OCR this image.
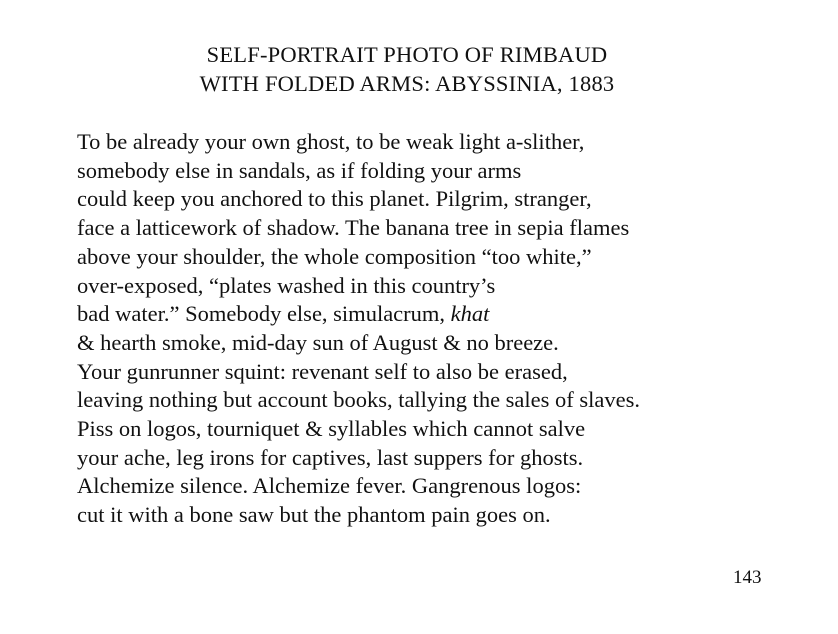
SELF-PORTRAIT PHOTO OF RIMBAUD
WITH FOLDED ARMS: ABYSSINIA, 1883
To be already your own ghost, to be weak light a-slither,
somebody else in sandals, as if folding your arms
could keep you anchored to this planet. Pilgrim, stranger,
face a latticework of shadow. The banana tree in sepia flames
above your shoulder, the whole composition “too white,”
over-exposed, “plates washed in this country’s
bad water.” Somebody else, simulacrum, khat
& hearth smoke, mid-day sun of August & no breeze.
Your gunrunner squint: revenant self to also be erased,
leaving nothing but account books, tallying the sales of slaves.
Piss on logos, tourniquet & syllables which cannot salve
your ache, leg irons for captives, last suppers for ghosts.
Alchemize silence. Alchemize fever. Gangrenous logos:
cut it with a bone saw but the phantom pain goes on.
143
